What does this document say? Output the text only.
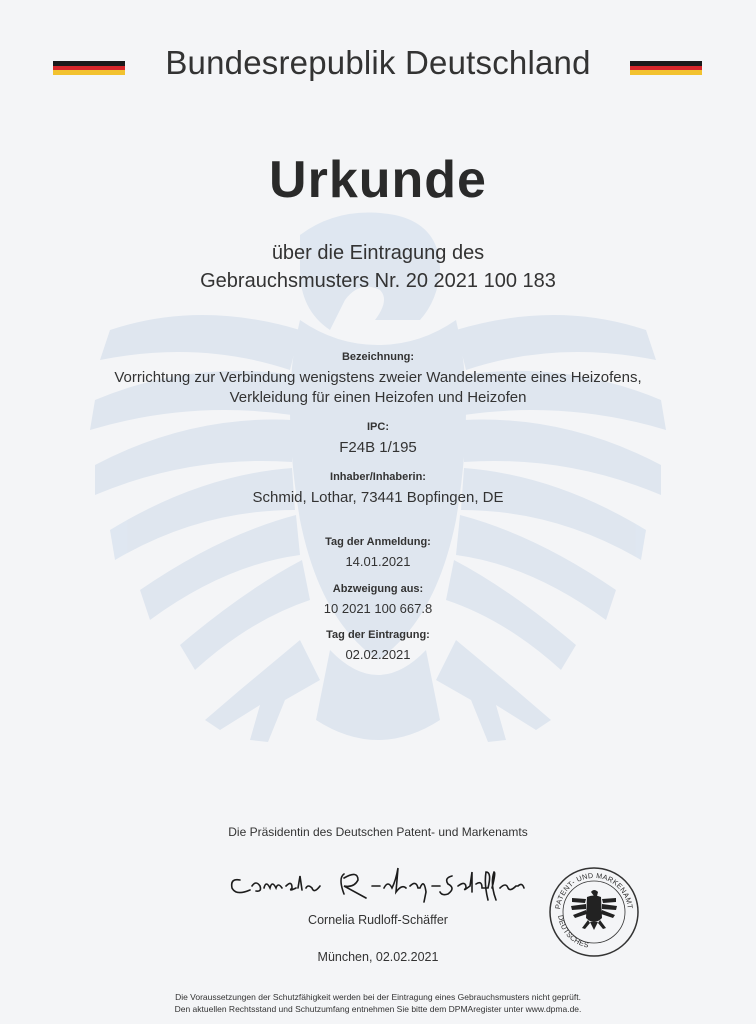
Bundesrepublik Deutschland
Urkunde
über die Eintragung des
Gebrauchsmusters Nr. 20 2021 100 183
Bezeichnung:
Vorrichtung zur Verbindung wenigstens zweier Wandelemente eines Heizofens,
Verkleidung für einen Heizofen und Heizofen
IPC:
F24B 1/195
Inhaber/Inhaberin:
Schmid, Lothar, 73441 Bopfingen, DE
Tag der Anmeldung:
14.01.2021
Abzweigung aus:
10 2021 100 667.8
Tag der Eintragung:
02.02.2021
Die Präsidentin des Deutschen Patent- und Markenamts
Cornelia Rudloff-Schäffer
PATENT- UND MARKENAMT
DEUTSCHES
München, 02.02.2021
Die Voraussetzungen der Schutzfähigkeit werden bei der Eintragung eines Gebrauchsmusters nicht geprüft.
Den aktuellen Rechtsstand und Schutzumfang entnehmen Sie bitte dem DPMAregister unter www.dpma.de.
